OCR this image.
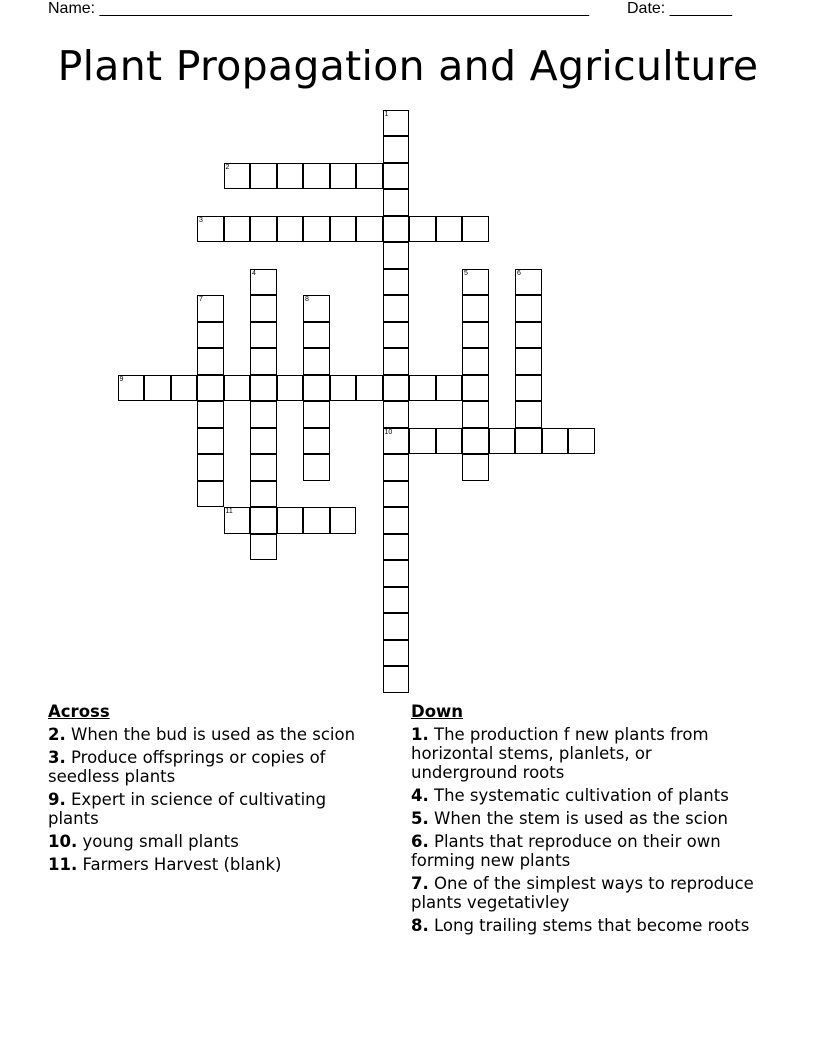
Name: _______________________________________________________ Date: _______
Plant Propagation and Agriculture
1
10
2
3
4	5	6
7	8
9
11
Across
2. When the bud is used as the scion
3. Produce offsprings or copies of seedless plants
9. Expert in science of cultivating plants
10. young small plants
11. Farmers Harvest (blank)
Down
1. The production f new plants from horizontal stems, planlets, or underground roots
4. The systematic cultivation of plants
5. When the stem is used as the scion
6. Plants that reproduce on their own forming new plants
7. One of the simplest ways to reproduce plants vegetativley
8. Long trailing stems that become roots
